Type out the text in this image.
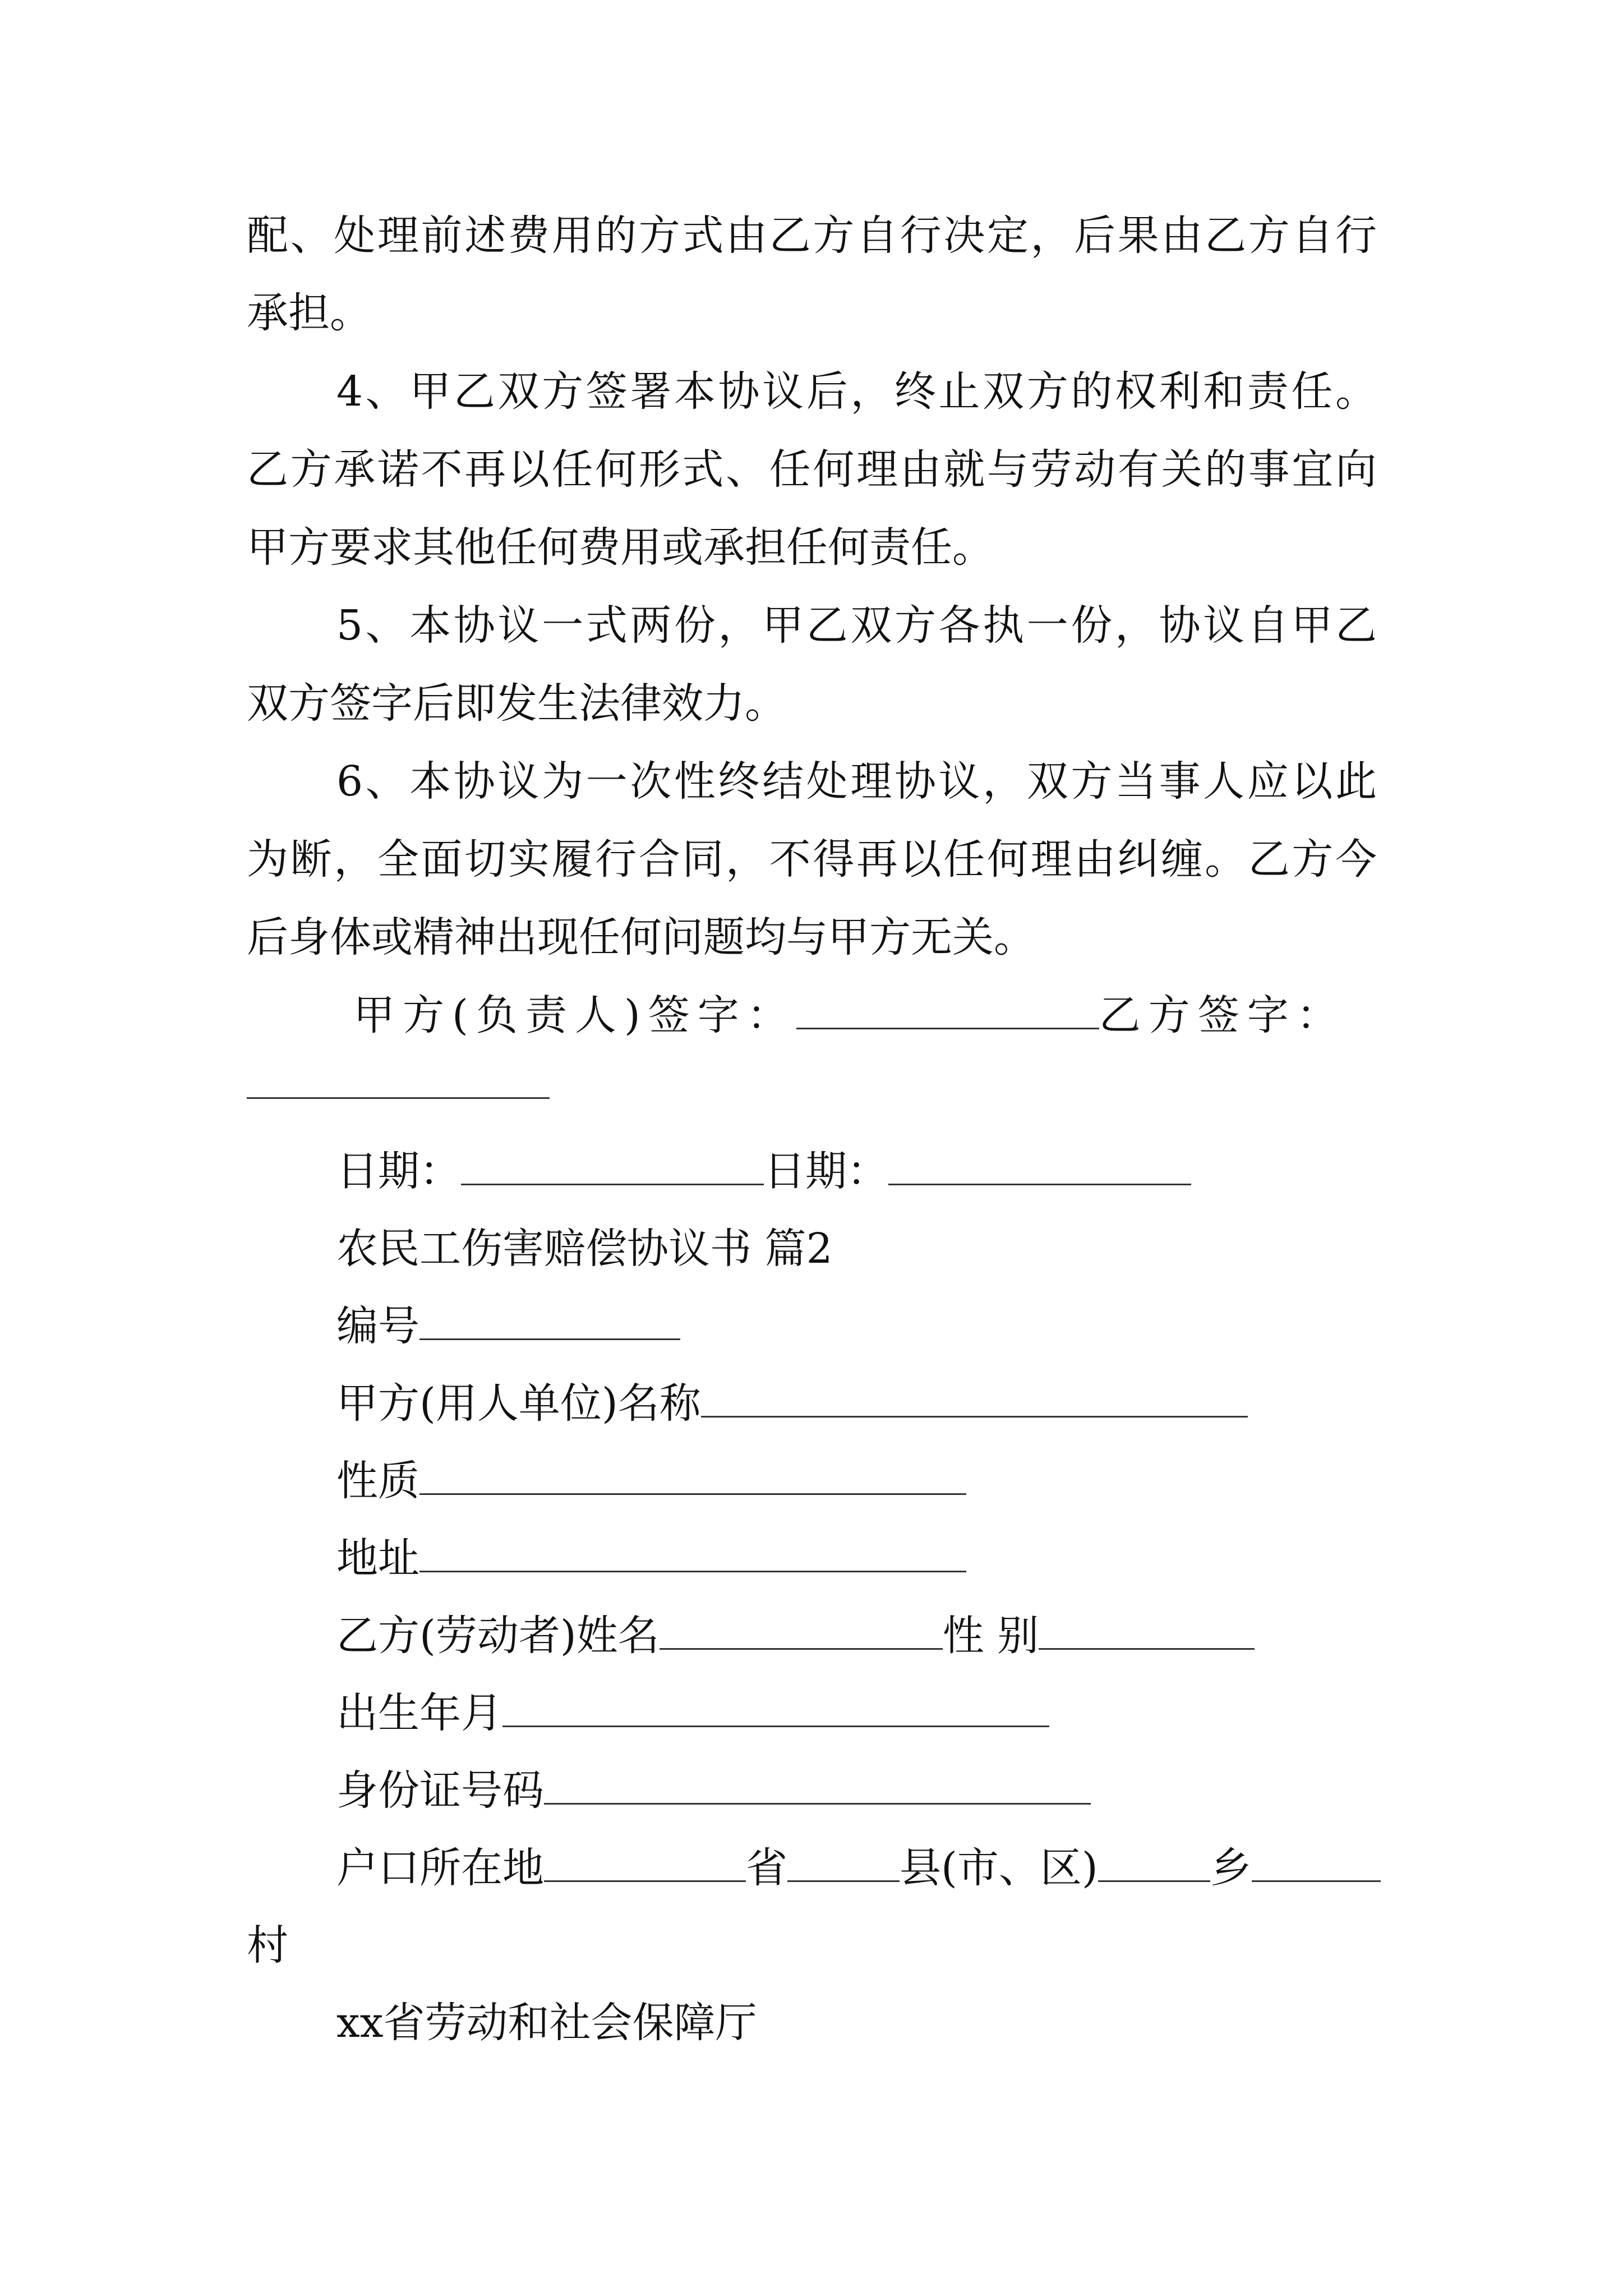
配、处理前述费用的方式由乙方自行决定，后果由乙方自行
承担。
4、甲乙双方签署本协议后，终止双方的权利和责任。
乙方承诺不再以任何形式、任何理由就与劳动有关的事宜向
甲方要求其他任何费用或承担任何责任。
5、本协议一式两份，甲乙双方各执一份，协议自甲乙
双方签字后即发生法律效力。
6、本协议为一次性终结处理协议，双方当事人应以此
为断，全面切实履行合同，不得再以任何理由纠缠。乙方今
后身体或精神出现任何问题均与甲方无关。
甲方(负责人)签字：	乙方签字：
日期：	日期：
农民工伤害赔偿协议书 篇2
编号
甲方(用人单位)名称
性质
地址
乙方(劳动者)姓名	性 别
出生年月
身份证号码
户口所在地	省	县(市、区)	乡
村
xx省劳动和社会保障厅
